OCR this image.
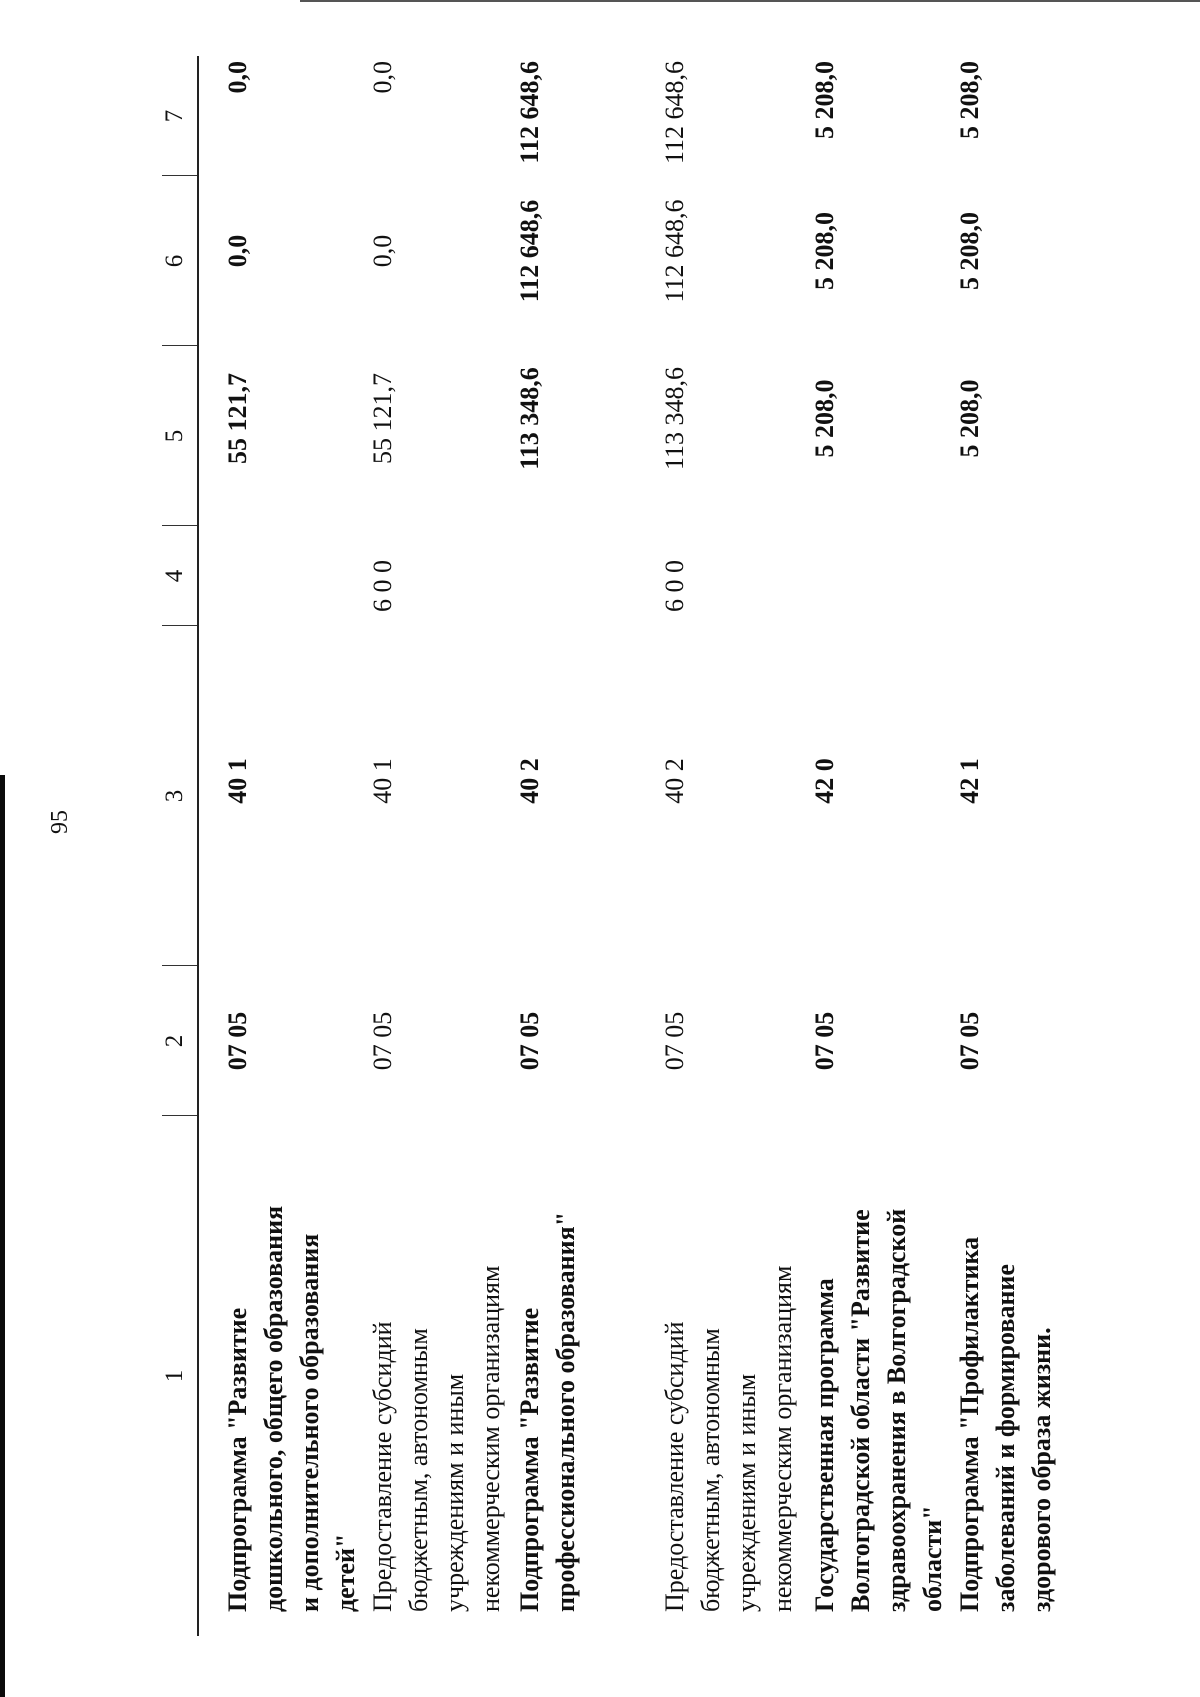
95
1
2
3
4
5
6
7
Подпрограмма "Развитие дошкольного, общего образования и дополнительного образования детей"
07 05
40 1
55 121,7
0,0
0,0
Предоставление субсидий бюджетным, автономным учреждениям и иным некоммерческим организациям
07 05
40 1
6 0 0
55 121,7
0,0
0,0
Подпрограмма "Развитие профессионального образования"
07 05
40 2
113 348,6
112 648,6
112 648,6
Предоставление субсидий бюджетным, автономным учреждениям и иным некоммерческим организациям
07 05
40 2
6 0 0
113 348,6
112 648,6
112 648,6
Государственная программа Волгоградской области "Развитие здравоохранения в Волгоградской области"
07 05
42 0
5 208,0
5 208,0
5 208,0
Подпрограмма "Профилактика заболеваний и формирование здорового образа жизни.
07 05
42 1
5 208,0
5 208,0
5 208,0
